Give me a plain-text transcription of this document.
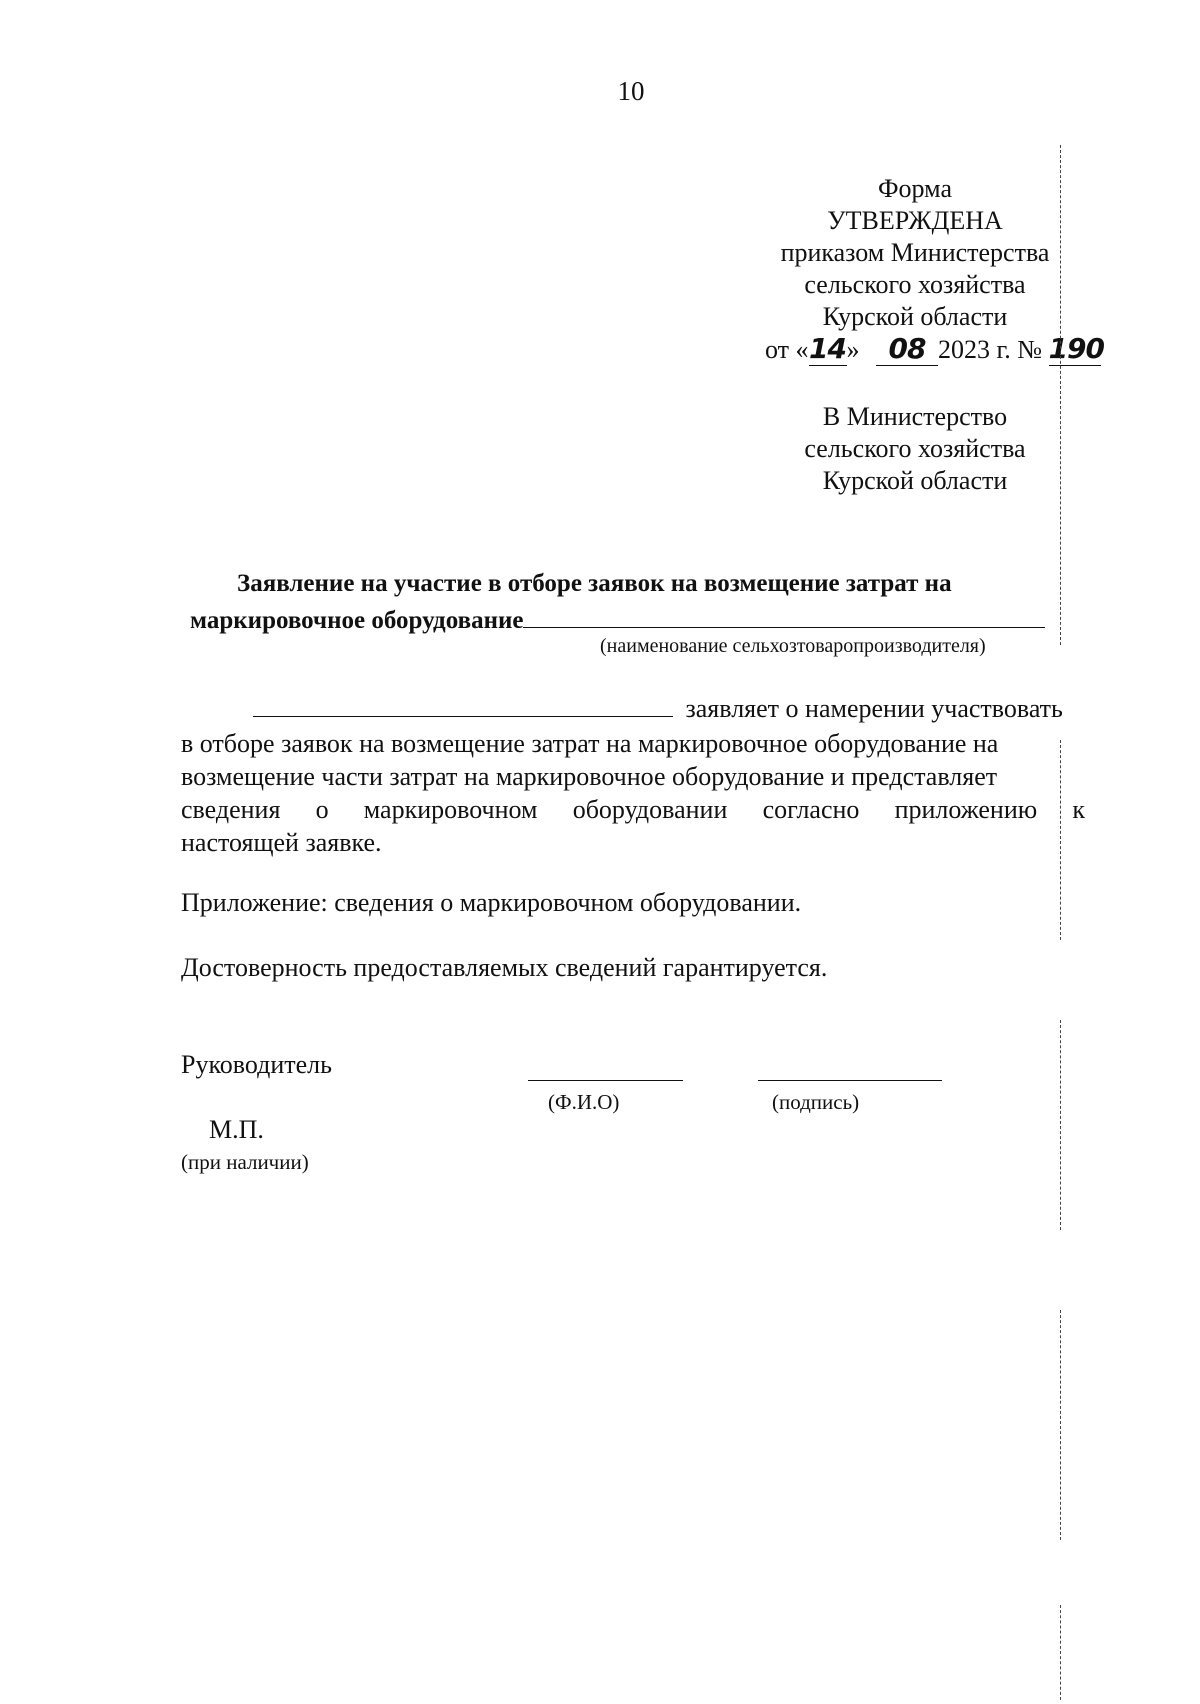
10
Форма
УТВЕРЖДЕНА
приказом Министерства
сельского хозяйства
Курской области
от «14» 08 2023 г. № 190
В Министерство
сельского хозяйства
Курской области
Заявление на участие в отборе заявок на возмещение затрат на
маркировочное оборудование
(наименование сельхозтоваропроизводителя)
заявляет о намерении участвовать
в отборе заявок на возмещение затрат на маркировочное оборудование на
возмещение части затрат на маркировочное оборудование и представляет
сведения о маркировочном оборудовании согласно приложению к
настоящей заявке.
Приложение: сведения о маркировочном оборудовании.
Достоверность предоставляемых сведений гарантируется.
Руководитель
(Ф.И.О)	(подпись)
М.П.
(при наличии)
